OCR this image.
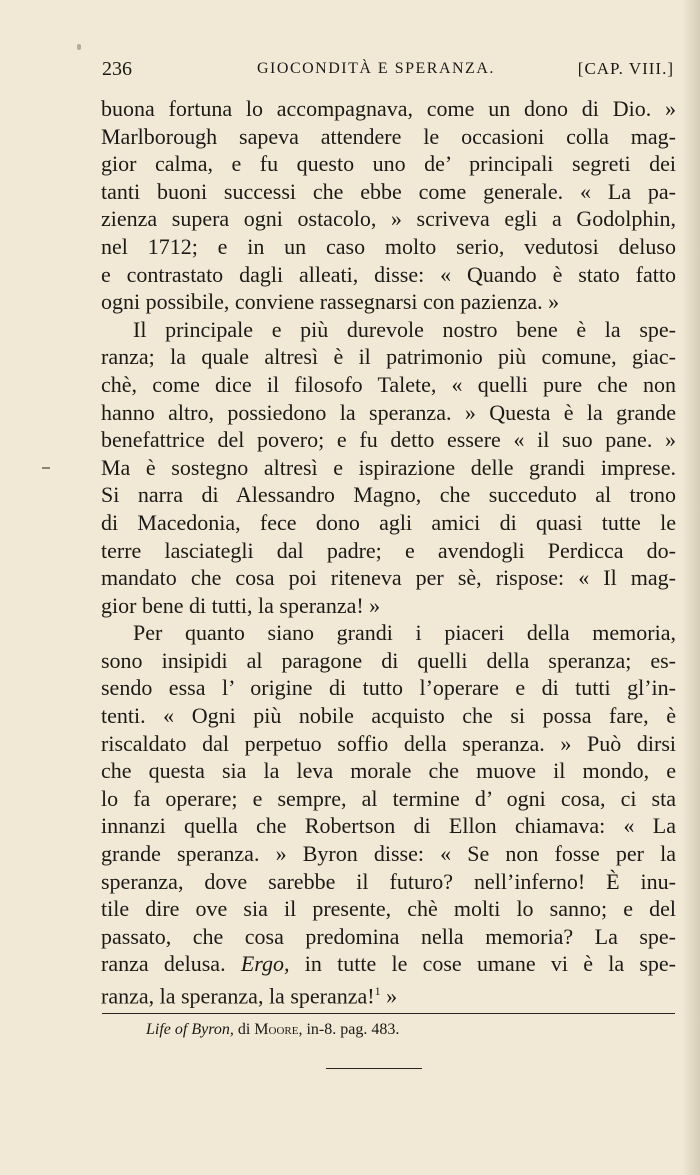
236	GIOCONDITÀ E SPERANZA.	[CAP. VIII.]
buona fortuna lo accompagnava, come un dono di Dio. »
Marlborough sapeva attendere le occasioni colla mag-
gior calma, e fu questo uno de’ principali segreti dei
tanti buoni successi che ebbe come generale. « La pa-
zienza supera ogni ostacolo, » scriveva egli a Godolphin,
nel 1712; e in un caso molto serio, vedutosi deluso
e contrastato dagli alleati, disse: « Quando è stato fatto
ogni possibile, conviene rassegnarsi con pazienza. »
Il principale e più durevole nostro bene è la spe-
ranza; la quale altresì è il patrimonio più comune, giac-
chè, come dice il filosofo Talete, « quelli pure che non
hanno altro, possiedono la speranza. » Questa è la grande
benefattrice del povero; e fu detto essere « il suo pane. »
Ma è sostegno altresì e ispirazione delle grandi imprese.
Si narra di Alessandro Magno, che succeduto al trono
di Macedonia, fece dono agli amici di quasi tutte le
terre lasciategli dal padre; e avendogli Perdicca do-
mandato che cosa poi riteneva per sè, rispose: « Il mag-
gior bene di tutti, la speranza! »
Per quanto siano grandi i piaceri della memoria,
sono insipidi al paragone di quelli della speranza; es-
sendo essa l’ origine di tutto l’operare e di tutti gl’in-
tenti. « Ogni più nobile acquisto che si possa fare, è
riscaldato dal perpetuo soffio della speranza. » Può dirsi
che questa sia la leva morale che muove il mondo, e
lo fa operare; e sempre, al termine d’ ogni cosa, ci sta
innanzi quella che Robertson di Ellon chiamava: « La
grande speranza. » Byron disse: « Se non fosse per la
speranza, dove sarebbe il futuro? nell’inferno! È inu-
tile dire ove sia il presente, chè molti lo sanno; e del
passato, che cosa predomina nella memoria? La spe-
ranza delusa. Ergo, in tutte le cose umane vi è la spe-
ranza, la speranza, la speranza!$^1$ »
Life of Byron, di Moore, in-8. pag. 483.
